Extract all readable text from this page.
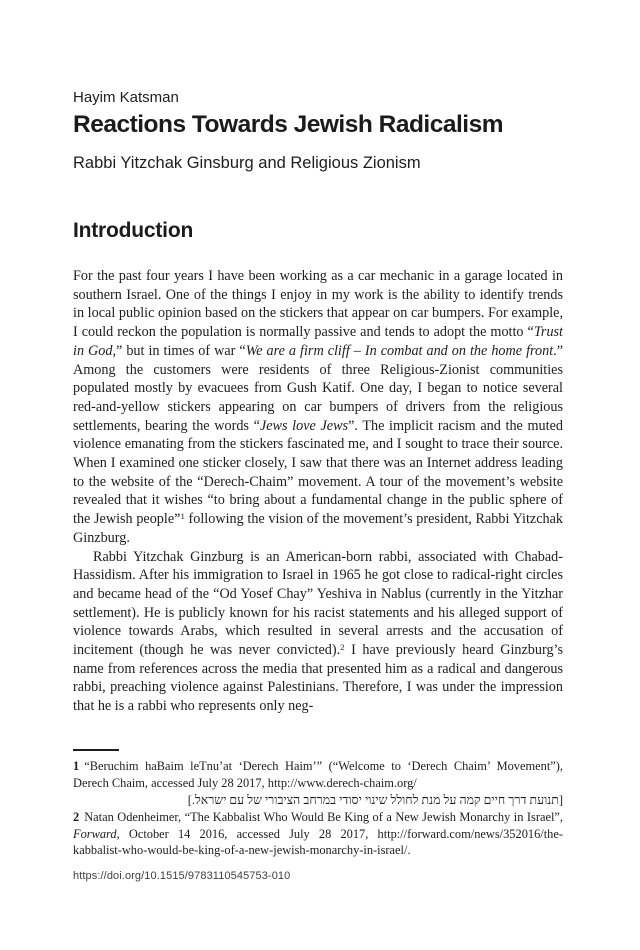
Hayim Katsman
Reactions Towards Jewish Radicalism
Rabbi Yitzchak Ginsburg and Religious Zionism
Introduction

For the past four years I have been working as a car mechanic in a garage located in southern Israel. One of the things I enjoy in my work is the ability to identify trends in local public opinion based on the stickers that appear on car bumpers. For example, I could reckon the population is normally passive and tends to adopt the motto “Trust in God,” but in times of war “We are a firm cliff – In combat and on the home front.” Among the customers were residents of three Religious-Zionist communities populated mostly by evacuees from Gush Katif. One day, I began to notice several red-and-yellow stickers appearing on car bumpers of drivers from the religious settlements, bearing the words “Jews love Jews”. The implicit racism and the muted violence emanating from the stickers fascinated me, and I sought to trace their source. When I examined one sticker closely, I saw that there was an Internet address leading to the website of the “Derech-Chaim” movement. A tour of the movement’s website revealed that it wishes “to bring about a fundamental change in the public sphere of the Jewish people”$^1$ following the vision of the movement’s president, Rabbi Yitzchak Ginzburg.

Rabbi Yitzchak Ginzburg is an American-born rabbi, associated with Chabad-Hassidism. After his immigration to Israel in 1965 he got close to radical-right circles and became head of the “Od Yosef Chay” Yeshiva in Nablus (currently in the Yitzhar settlement). He is publicly known for his racist statements and his alleged support of violence towards Arabs, which resulted in several arrests and the accusation of incitement (though he was never convicted).$^2$ I have previously heard Ginzburg’s name from references across the media that presented him as a radical and dangerous rabbi, preaching violence against Palestinians. Therefore, I was under the impression that he is a rabbi who represents only neg-

1 “Beruchim haBaim leTnu’at ‘Derech Haim’” (“Welcome to ‘Derech Chaim’ Movement”), Derech Chaim, accessed July 28 2017, http://www.derech-chaim.org/

[תנועת דרך חיים קמה על מנת לחולל שינוי יסודי במרחב הציבורי של עם ישראל.]

2 Natan Odenheimer, “The Kabbalist Who Would Be King of a New Jewish Monarchy in Israel”, Forward, October 14 2016, accessed July 28 2017, http://forward.com/news/352016/the-kabbalist-who-would-be-king-of-a-new-jewish-monarchy-in-israel/.

https://doi.org/10.1515/9783110545753-010
